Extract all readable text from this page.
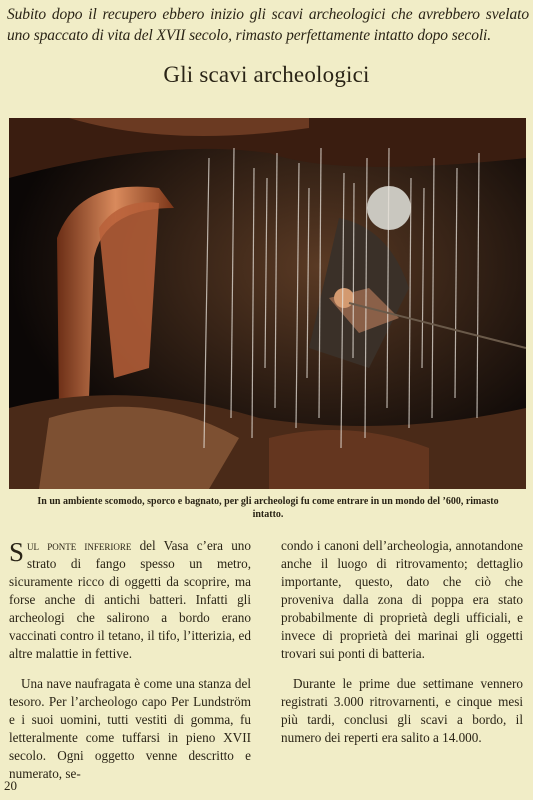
Subito dopo il recupero ebbero inizio gli scavi archeologici che avrebbero svelato uno spaccato di vita del XVII secolo, rimasto perfettamente intatto dopo secoli.
Gli scavi archeologici
In un ambiente scomodo, sporco e bagnato, per gli archeologi fu come entrare in un mondo del ’600, rimasto intatto.

Sul ponte inferiore del Vasa c’era uno strato di fango spesso un metro, sicuramente ricco di oggetti da scoprire, ma forse anche di antichi batteri. Infatti gli archeologi che salirono a bordo erano vaccinati contro il tetano, il tifo, l’itterizia, ed altre malattie in fettive.

Una nave naufragata è come una stanza del tesoro. Per l’archeologo capo Per Lundström e i suoi uomini, tutti vestiti di gomma, fu letteralmente come tuffarsi in pieno XVII secolo. Ogni oggetto venne descritto e numerato, se-

condo i canoni dell’archeologia, annotandone anche il luogo di ritrovamento; dettaglio importante, questo, dato che ciò che proveniva dalla zona di poppa era stato probabilmente di proprietà degli ufficiali, e invece di proprietà dei marinai gli oggetti trovari sui ponti di batteria.

Durante le prime due settimane vennero registrati 3.000 ritrovarnenti, e cinque mesi più tardi, conclusi gli scavi a bordo, il numero dei reperti era salito a 14.000.

20
